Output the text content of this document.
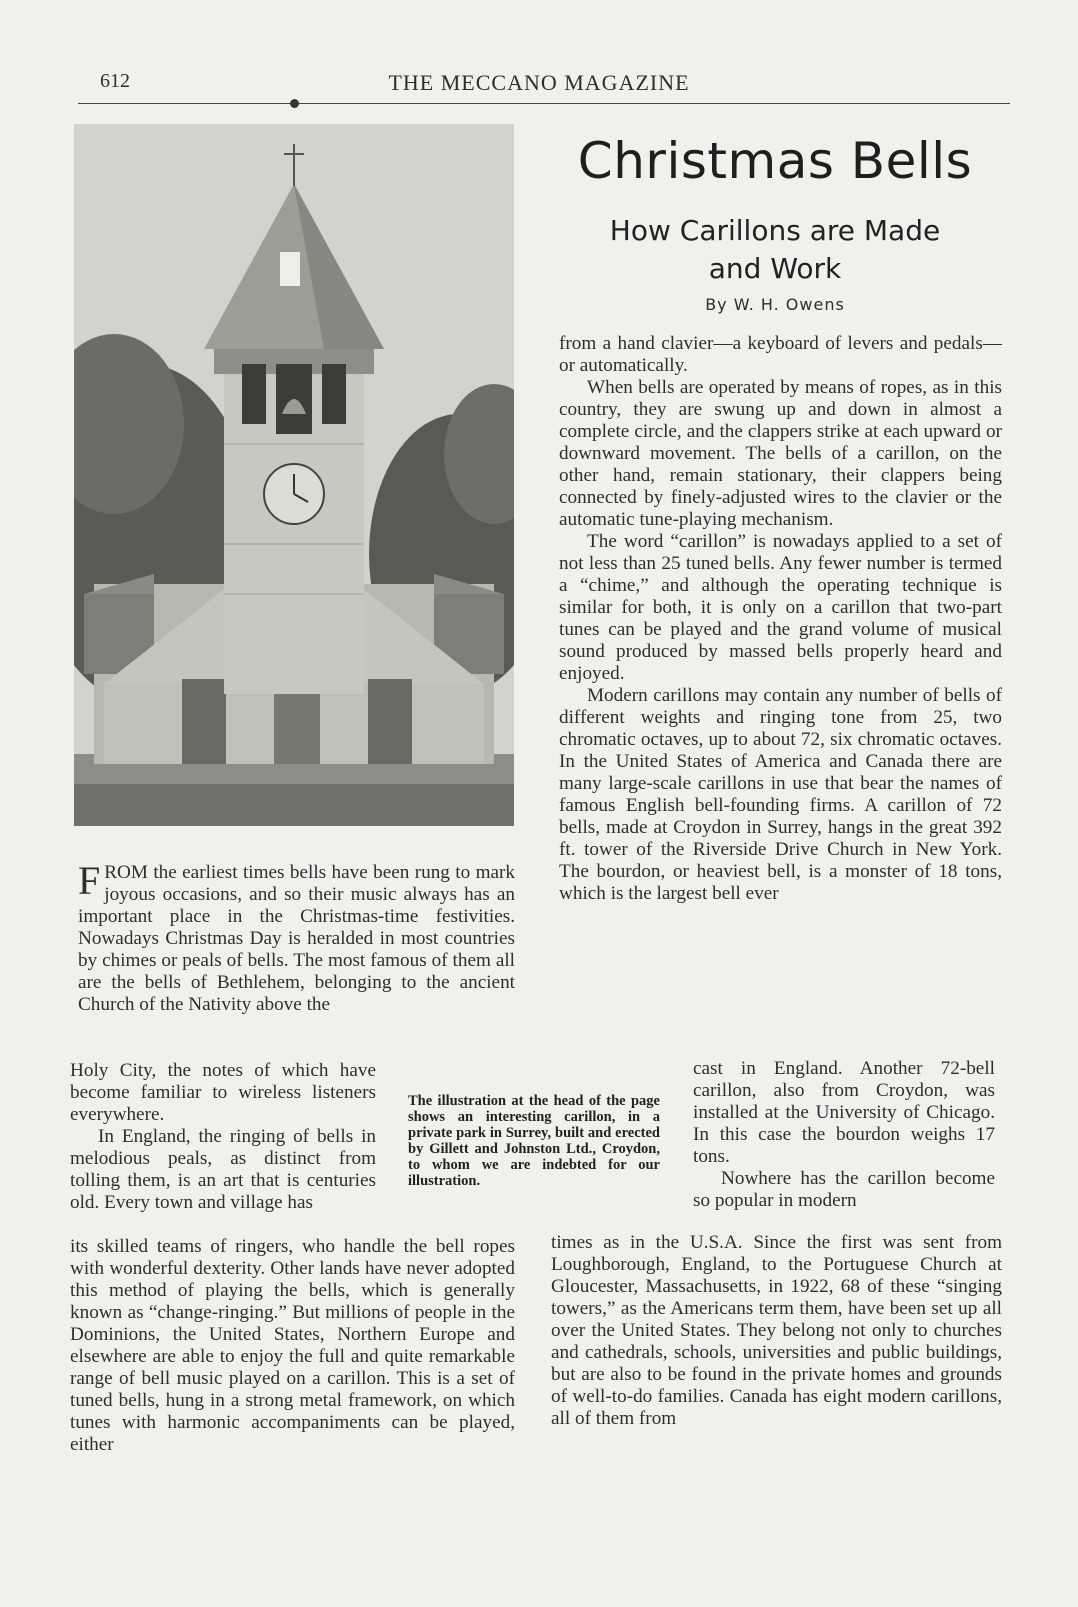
612	THE MECCANO MAGAZINE
Christmas Bells
How Carillons are Made
and Work
By W. H. Owens

FROM the earliest times bells have been rung to mark joyous occasions, and so their music always has an important place in the Christmas-time festivities. Nowadays Christmas Day is heralded in most countries by chimes or peals of bells. The most famous of them all are the bells of Bethlehem, belonging to the ancient Church of the Nativity above the

Holy City, the notes of which have become familiar to wireless listeners everywhere.

In England, the ringing of bells in melodious peals, as distinct from tolling them, is an art that is centuries old. Every town and village has

its skilled teams of ringers, who handle the bell ropes with wonderful dexterity. Other lands have never adopted this method of playing the bells, which is generally known as “change-ringing.” But millions of people in the Dominions, the United States, Northern Europe and elsewhere are able to enjoy the full and quite remarkable range of bell music played on a carillon. This is a set of tuned bells, hung in a strong metal framework, on which tunes with harmonic accompaniments can be played, either

The illustration at the head of the page shows an interesting carillon, in a private park in Surrey, built and erected by Gillett and Johnston Ltd., Croydon, to whom we are indebted for our illustration.

from a hand clavier—a keyboard of levers and pedals—or automatically.

When bells are operated by means of ropes, as in this country, they are swung up and down in almost a complete circle, and the clappers strike at each upward or downward movement. The bells of a carillon, on the other hand, remain stationary, their clappers being connected by finely-adjusted wires to the clavier or the automatic tune-playing mechanism.

The word “carillon” is nowadays applied to a set of not less than 25 tuned bells. Any fewer number is termed a “chime,” and although the operating technique is similar for both, it is only on a carillon that two-part tunes can be played and the grand volume of musical sound produced by massed bells properly heard and enjoyed.

Modern carillons may contain any number of bells of different weights and ringing tone from 25, two chromatic octaves, up to about 72, six chromatic octaves. In the United States of America and Canada there are many large-scale carillons in use that bear the names of famous English bell-founding firms. A carillon of 72 bells, made at Croydon in Surrey, hangs in the great 392 ft. tower of the Riverside Drive Church in New York. The bourdon, or heaviest bell, is a monster of 18 tons, which is the largest bell ever

cast in England. Another 72-bell carillon, also from Croydon, was installed at the University of Chicago. In this case the bourdon weighs 17 tons.

Nowhere has the carillon become so popular in modern

times as in the U.S.A. Since the first was sent from Loughborough, England, to the Portuguese Church at Gloucester, Massachusetts, in 1922, 68 of these “singing towers,” as the Americans term them, have been set up all over the United States. They belong not only to churches and cathedrals, schools, universities and public buildings, but are also to be found in the private homes and grounds of well-to-do families. Canada has eight modern carillons, all of them from
